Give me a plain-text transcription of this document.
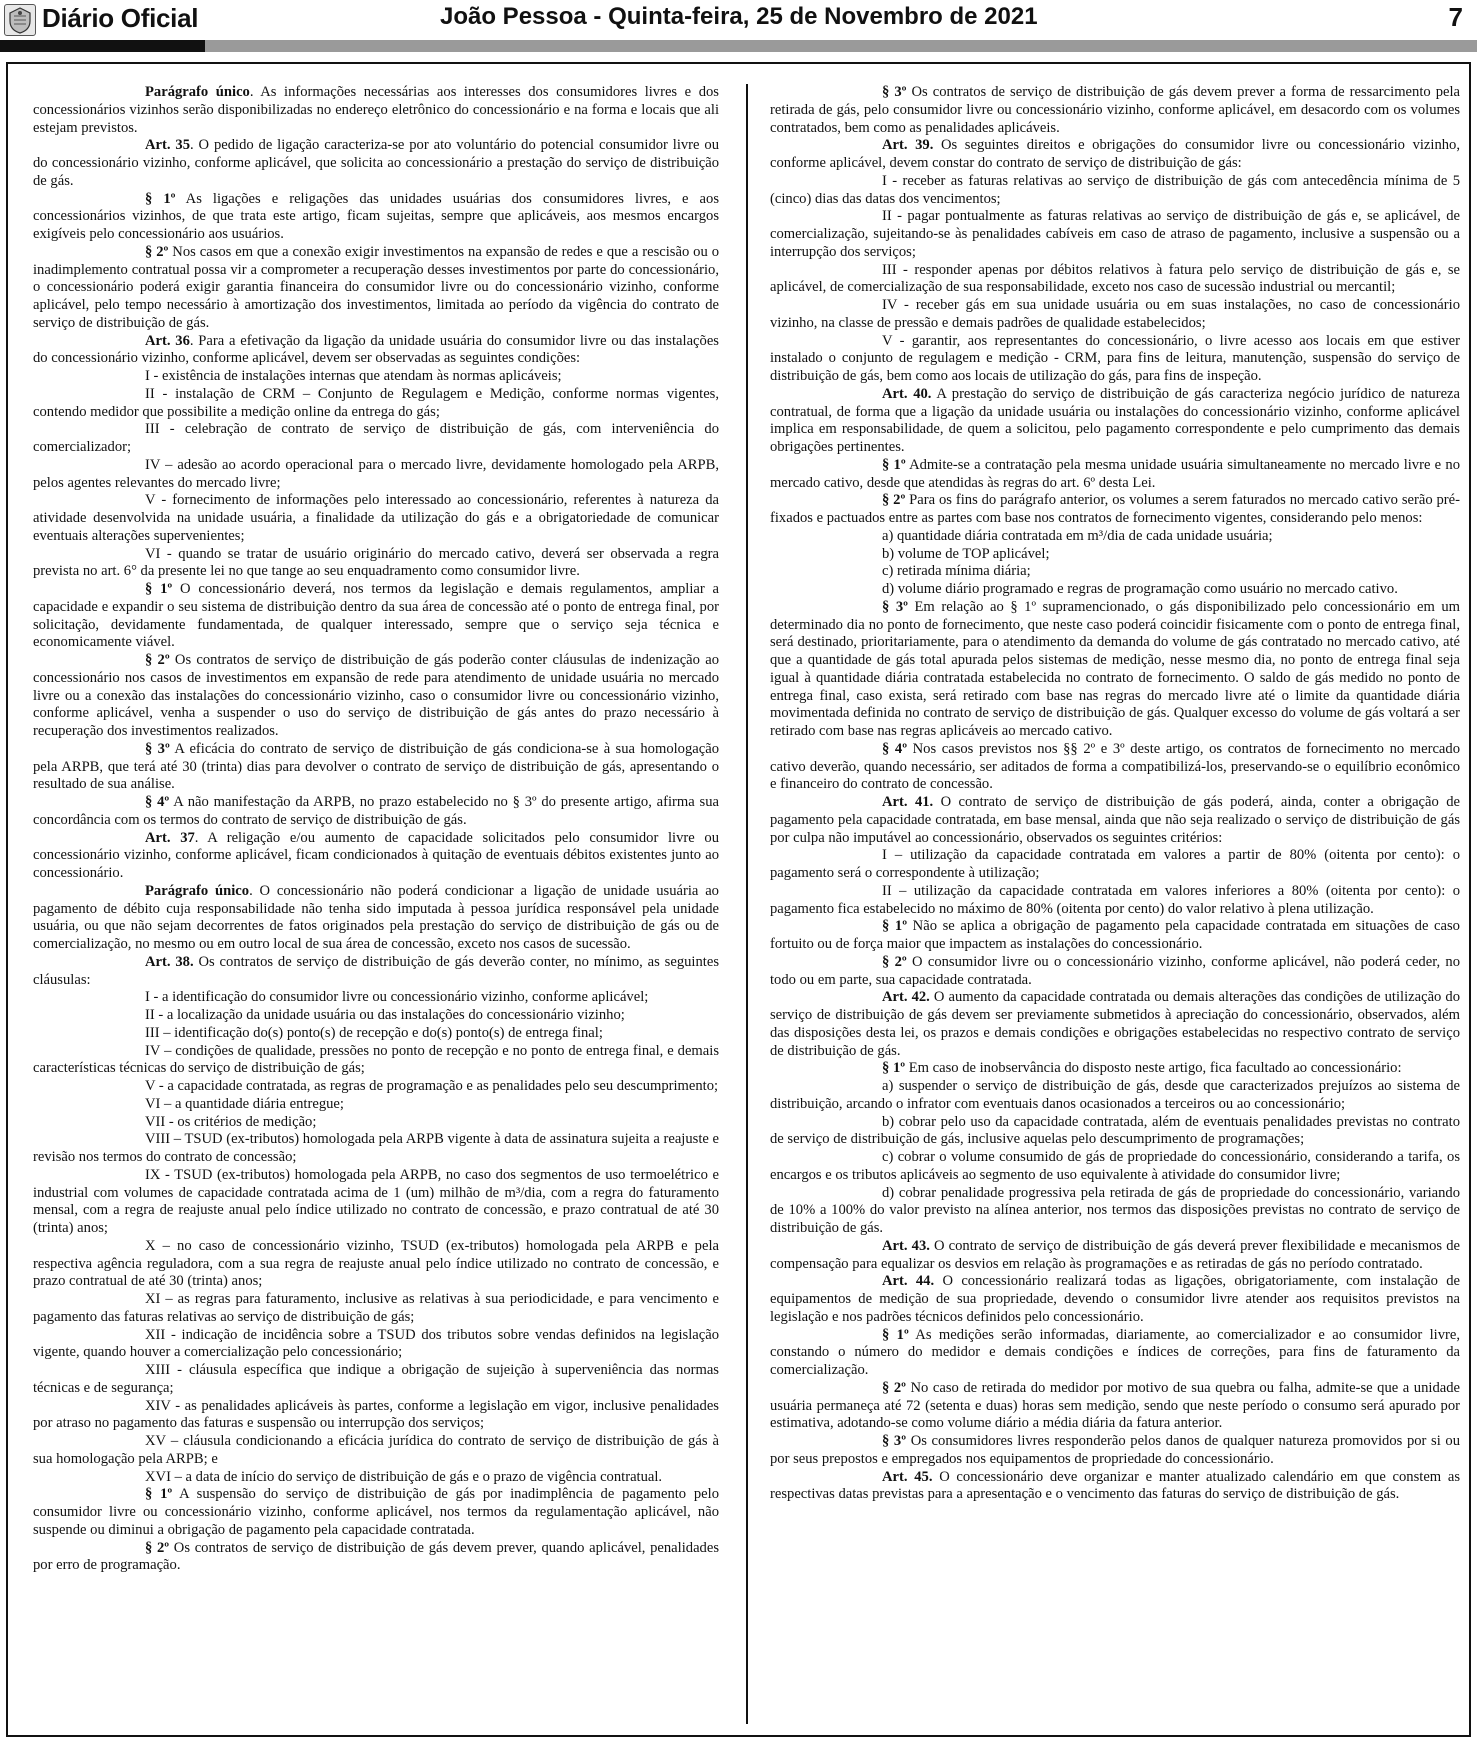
Diário Oficial	João Pessoa - Quinta-feira, 25 de Novembro de 2021	7

Parágrafo único. As informações necessárias aos interesses dos consumidores livres e dos concessionários vizinhos serão disponibilizadas no endereço eletrônico do concessionário e na forma e locais que ali estejam previstos.

Art. 35. O pedido de ligação caracteriza-se por ato voluntário do potencial consumidor livre ou do concessionário vizinho, conforme aplicável, que solicita ao concessionário a prestação do serviço de distribuição de gás.

§ 1º As ligações e religações das unidades usuárias dos consumidores livres, e aos concessionários vizinhos, de que trata este artigo, ficam sujeitas, sempre que aplicáveis, aos mesmos encargos exigíveis pelo concessionário aos usuários.

§ 2º Nos casos em que a conexão exigir investimentos na expansão de redes e que a rescisão ou o inadimplemento contratual possa vir a comprometer a recuperação desses investimentos por parte do concessionário, o concessionário poderá exigir garantia financeira do consumidor livre ou do concessionário vizinho, conforme aplicável, pelo tempo necessário à amortização dos investimentos, limitada ao período da vigência do contrato de serviço de distribuição de gás.

Art. 36. Para a efetivação da ligação da unidade usuária do consumidor livre ou das instalações do concessionário vizinho, conforme aplicável, devem ser observadas as seguintes condições:

I - existência de instalações internas que atendam às normas aplicáveis;

II - instalação de CRM – Conjunto de Regulagem e Medição, conforme normas vigentes, contendo medidor que possibilite a medição online da entrega do gás;

III - celebração de contrato de serviço de distribuição de gás, com interveniência do comercializador;

IV – adesão ao acordo operacional para o mercado livre, devidamente homologado pela ARPB, pelos agentes relevantes do mercado livre;

V - fornecimento de informações pelo interessado ao concessionário, referentes à natureza da atividade desenvolvida na unidade usuária, a finalidade da utilização do gás e a obrigatoriedade de comunicar eventuais alterações supervenientes;

VI - quando se tratar de usuário originário do mercado cativo, deverá ser observada a regra prevista no art. 6° da presente lei no que tange ao seu enquadramento como consumidor livre.

§ 1º O concessionário deverá, nos termos da legislação e demais regulamentos, ampliar a capacidade e expandir o seu sistema de distribuição dentro da sua área de concessão até o ponto de entrega final, por solicitação, devidamente fundamentada, de qualquer interessado, sempre que o serviço seja técnica e economicamente viável.

§ 2º Os contratos de serviço de distribuição de gás poderão conter cláusulas de indenização ao concessionário nos casos de investimentos em expansão de rede para atendimento de unidade usuária no mercado livre ou a conexão das instalações do concessionário vizinho, caso o consumidor livre ou concessionário vizinho, conforme aplicável, venha a suspender o uso do serviço de distribuição de gás antes do prazo necessário à recuperação dos investimentos realizados.

§ 3º A eficácia do contrato de serviço de distribuição de gás condiciona-se à sua homologação pela ARPB, que terá até 30 (trinta) dias para devolver o contrato de serviço de distribuição de gás, apresentando o resultado de sua análise.

§ 4º A não manifestação da ARPB, no prazo estabelecido no § 3º do presente artigo, afirma sua concordância com os termos do contrato de serviço de distribuição de gás.

Art. 37. A religação e/ou aumento de capacidade solicitados pelo consumidor livre ou concessionário vizinho, conforme aplicável, ficam condicionados à quitação de eventuais débitos existentes junto ao concessionário.

Parágrafo único. O concessionário não poderá condicionar a ligação de unidade usuária ao pagamento de débito cuja responsabilidade não tenha sido imputada à pessoa jurídica responsável pela unidade usuária, ou que não sejam decorrentes de fatos originados pela prestação do serviço de distribuição de gás ou de comercialização, no mesmo ou em outro local de sua área de concessão, exceto nos casos de sucessão.

Art. 38. Os contratos de serviço de distribuição de gás deverão conter, no mínimo, as seguintes cláusulas:

I - a identificação do consumidor livre ou concessionário vizinho, conforme aplicável;

II - a localização da unidade usuária ou das instalações do concessionário vizinho;

III – identificação do(s) ponto(s) de recepção e do(s) ponto(s) de entrega final;

IV – condições de qualidade, pressões no ponto de recepção e no ponto de entrega final, e demais características técnicas do serviço de distribuição de gás;

V - a capacidade contratada, as regras de programação e as penalidades pelo seu descumprimento;

VI – a quantidade diária entregue;

VII - os critérios de medição;

VIII – TSUD (ex-tributos) homologada pela ARPB vigente à data de assinatura sujeita a reajuste e revisão nos termos do contrato de concessão;

IX - TSUD (ex-tributos) homologada pela ARPB, no caso dos segmentos de uso termoelétrico e industrial com volumes de capacidade contratada acima de 1 (um) milhão de m³/dia, com a regra do faturamento mensal, com a regra de reajuste anual pelo índice utilizado no contrato de concessão, e prazo contratual de até 30 (trinta) anos;

X – no caso de concessionário vizinho, TSUD (ex-tributos) homologada pela ARPB e pela respectiva agência reguladora, com a sua regra de reajuste anual pelo índice utilizado no contrato de concessão, e prazo contratual de até 30 (trinta) anos;

XI – as regras para faturamento, inclusive as relativas à sua periodicidade, e para vencimento e pagamento das faturas relativas ao serviço de distribuição de gás;

XII - indicação de incidência sobre a TSUD dos tributos sobre vendas definidos na legislação vigente, quando houver a comercialização pelo concessionário;

XIII - cláusula específica que indique a obrigação de sujeição à superveniência das normas técnicas e de segurança;

XIV - as penalidades aplicáveis às partes, conforme a legislação em vigor, inclusive penalidades por atraso no pagamento das faturas e suspensão ou interrupção dos serviços;

XV – cláusula condicionando a eficácia jurídica do contrato de serviço de distribuição de gás à sua homologação pela ARPB; e

XVI – a data de início do serviço de distribuição de gás e o prazo de vigência contratual.

§ 1º A suspensão do serviço de distribuição de gás por inadimplência de pagamento pelo consumidor livre ou concessionário vizinho, conforme aplicável, nos termos da regulamentação aplicável, não suspende ou diminui a obrigação de pagamento pela capacidade contratada.

§ 2º Os contratos de serviço de distribuição de gás devem prever, quando aplicável, penalidades por erro de programação.

§ 3º Os contratos de serviço de distribuição de gás devem prever a forma de ressarcimento pela retirada de gás, pelo consumidor livre ou concessionário vizinho, conforme aplicável, em desacordo com os volumes contratados, bem como as penalidades aplicáveis.

Art. 39. Os seguintes direitos e obrigações do consumidor livre ou concessionário vizinho, conforme aplicável, devem constar do contrato de serviço de distribuição de gás:

I - receber as faturas relativas ao serviço de distribuição de gás com antecedência mínima de 5 (cinco) dias das datas dos vencimentos;

II - pagar pontualmente as faturas relativas ao serviço de distribuição de gás e, se aplicável, de comercialização, sujeitando-se às penalidades cabíveis em caso de atraso de pagamento, inclusive a suspensão ou a interrupção dos serviços;

III - responder apenas por débitos relativos à fatura pelo serviço de distribuição de gás e, se aplicável, de comercialização de sua responsabilidade, exceto nos caso de sucessão industrial ou mercantil;

IV - receber gás em sua unidade usuária ou em suas instalações, no caso de concessionário vizinho, na classe de pressão e demais padrões de qualidade estabelecidos;

V - garantir, aos representantes do concessionário, o livre acesso aos locais em que estiver instalado o conjunto de regulagem e medição - CRM, para fins de leitura, manutenção, suspensão do serviço de distribuição de gás, bem como aos locais de utilização do gás, para fins de inspeção.

Art. 40. A prestação do serviço de distribuição de gás caracteriza negócio jurídico de natureza contratual, de forma que a ligação da unidade usuária ou instalações do concessionário vizinho, conforme aplicável implica em responsabilidade, de quem a solicitou, pelo pagamento correspondente e pelo cumprimento das demais obrigações pertinentes.

§ 1º Admite-se a contratação pela mesma unidade usuária simultaneamente no mercado livre e no mercado cativo, desde que atendidas às regras do art. 6º desta Lei.

§ 2º Para os fins do parágrafo anterior, os volumes a serem faturados no mercado cativo serão pré-fixados e pactuados entre as partes com base nos contratos de fornecimento vigentes, considerando pelo menos:

a) quantidade diária contratada em m³/dia de cada unidade usuária;

b) volume de TOP aplicável;

c) retirada mínima diária;

d) volume diário programado e regras de programação como usuário no mercado cativo.

§ 3º Em relação ao § 1º supramencionado, o gás disponibilizado pelo concessionário em um determinado dia no ponto de fornecimento, que neste caso poderá coincidir fisicamente com o ponto de entrega final, será destinado, prioritariamente, para o atendimento da demanda do volume de gás contratado no mercado cativo, até que a quantidade de gás total apurada pelos sistemas de medição, nesse mesmo dia, no ponto de entrega final seja igual à quantidade diária contratada estabelecida no contrato de fornecimento. O saldo de gás medido no ponto de entrega final, caso exista, será retirado com base nas regras do mercado livre até o limite da quantidade diária movimentada definida no contrato de serviço de distribuição de gás. Qualquer excesso do volume de gás voltará a ser retirado com base nas regras aplicáveis ao mercado cativo.

§ 4º Nos casos previstos nos §§ 2º e 3º deste artigo, os contratos de fornecimento no mercado cativo deverão, quando necessário, ser aditados de forma a compatibilizá-los, preservando-se o equilíbrio econômico e financeiro do contrato de concessão.

Art. 41. O contrato de serviço de distribuição de gás poderá, ainda, conter a obrigação de pagamento pela capacidade contratada, em base mensal, ainda que não seja realizado o serviço de distribuição de gás por culpa não imputável ao concessionário, observados os seguintes critérios:

I – utilização da capacidade contratada em valores a partir de 80% (oitenta por cento): o pagamento será o correspondente à utilização;

II – utilização da capacidade contratada em valores inferiores a 80% (oitenta por cento): o pagamento fica estabelecido no máximo de 80% (oitenta por cento) do valor relativo à plena utilização.

§ 1º Não se aplica a obrigação de pagamento pela capacidade contratada em situações de caso fortuito ou de força maior que impactem as instalações do concessionário.

§ 2º O consumidor livre ou o concessionário vizinho, conforme aplicável, não poderá ceder, no todo ou em parte, sua capacidade contratada.

Art. 42. O aumento da capacidade contratada ou demais alterações das condições de utilização do serviço de distribuição de gás devem ser previamente submetidos à apreciação do concessionário, observados, além das disposições desta lei, os prazos e demais condições e obrigações estabelecidas no respectivo contrato de serviço de distribuição de gás.

§ 1º Em caso de inobservância do disposto neste artigo, fica facultado ao concessionário:

a) suspender o serviço de distribuição de gás, desde que caracterizados prejuízos ao sistema de distribuição, arcando o infrator com eventuais danos ocasionados a terceiros ou ao concessionário;

b) cobrar pelo uso da capacidade contratada, além de eventuais penalidades previstas no contrato de serviço de distribuição de gás, inclusive aquelas pelo descumprimento de programações;

c) cobrar o volume consumido de gás de propriedade do concessionário, considerando a tarifa, os encargos e os tributos aplicáveis ao segmento de uso equivalente à atividade do consumidor livre;

d) cobrar penalidade progressiva pela retirada de gás de propriedade do concessionário, variando de 10% a 100% do valor previsto na alínea anterior, nos termos das disposições previstas no contrato de serviço de distribuição de gás.

Art. 43. O contrato de serviço de distribuição de gás deverá prever flexibilidade e mecanismos de compensação para equalizar os desvios em relação às programações e as retiradas de gás no período contratado.

Art. 44. O concessionário realizará todas as ligações, obrigatoriamente, com instalação de equipamentos de medição de sua propriedade, devendo o consumidor livre atender aos requisitos previstos na legislação e nos padrões técnicos definidos pelo concessionário.

§ 1º As medições serão informadas, diariamente, ao comercializador e ao consumidor livre, constando o número do medidor e demais condições e índices de correções, para fins de faturamento da comercialização.

§ 2º No caso de retirada do medidor por motivo de sua quebra ou falha, admite-se que a unidade usuária permaneça até 72 (setenta e duas) horas sem medição, sendo que neste período o consumo será apurado por estimativa, adotando-se como volume diário a média diária da fatura anterior.

§ 3º Os consumidores livres responderão pelos danos de qualquer natureza promovidos por si ou por seus prepostos e empregados nos equipamentos de propriedade do concessionário.

Art. 45. O concessionário deve organizar e manter atualizado calendário em que constem as respectivas datas previstas para a apresentação e o vencimento das faturas do serviço de distribuição de gás.
